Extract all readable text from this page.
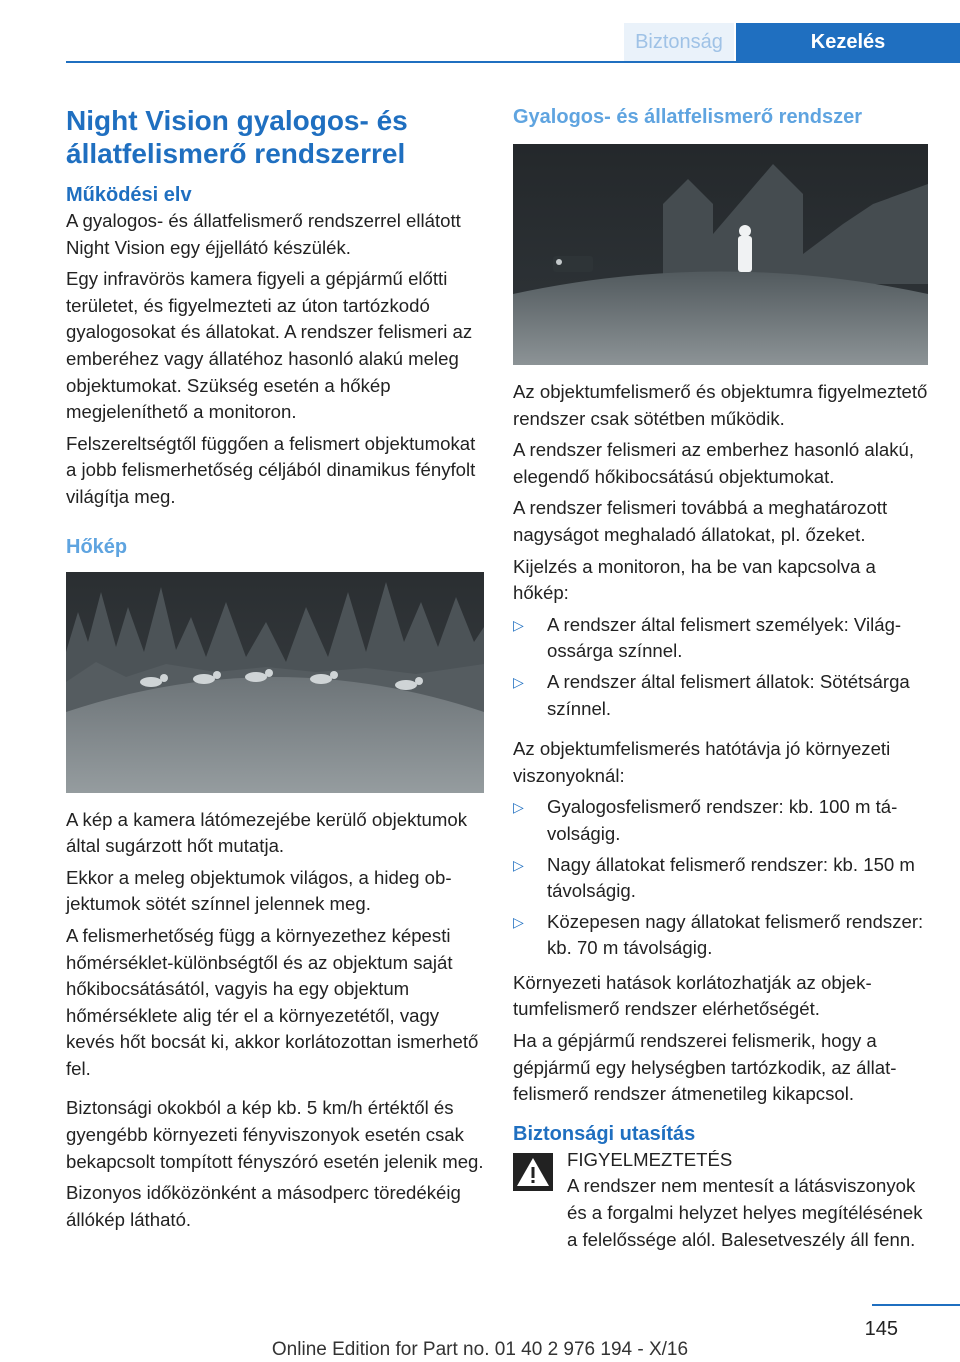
Biztonság	Kezelés
Night Vision gyalogos- és állatfelismerő rendszerrel
Működési elv

A gyalogos- és állatfelismerő rendszerrel ellátott Night Vision egy éjjellátó készülék.

Egy infravörös kamera figyeli a gépjármű előtti területet, és figyelmezteti az úton tartózkodó gyalogosokat és állatokat. A rendszer felismeri az emberéhez vagy állatéhoz hasonló alakú meleg objektumokat. Szükség esetén a hőkép megjeleníthető a monitoron.

Felszereltségtől függően a felismert objektumokat a jobb felismerhetőség céljából dinamikus fényfolt világítja meg.

Hőkép

A kép a kamera látómezejébe kerülő objektumok által sugárzott hőt mutatja.

Ekkor a meleg objektumok világos, a hideg objektumok sötét színnel jelennek meg.

A felismerhetőség függ a környezethez képesti hőmérséklet-különbségtől és az objektum saját hőkibocsátásától, vagyis ha egy objektum hőmérséklete alig tér el a környezetétől, vagy kevés hőt bocsát ki, akkor korlátozottan ismerhető fel.

Biztonsági okokból a kép kb. 5 km/h értéktől és gyengébb környezeti fényviszonyok esetén csak bekapcsolt tompított fényszóró esetén jelenik meg.

Bizonyos időközönként a másodperc töredékéig állókép látható.

Gyalogos- és állatfelismerő rendszer

Az objektumfelismerő és objektumra figyelmeztető rendszer csak sötétben működik.

A rendszer felismeri az emberhez hasonló alakú, elegendő hőkibocsátású objektumokat.

A rendszer felismeri továbbá a meghatározott nagyságot meghaladó állatokat, pl. őzeket.

Kijelzés a monitoron, ha be van kapcsolva a hőkép:

▷ A rendszer által felismert személyek: Világossárga színnel.
▷ A rendszer által felismert állatok: Sötétsárga színnel.

Az objektumfelismerés hatótávja jó környezeti viszonyoknál:

▷ Gyalogosfelismerő rendszer: kb. 100 m távolságig.
▷ Nagy állatokat felismerő rendszer: kb. 150 m távolságig.
▷ Közepesen nagy állatokat felismerő rendszer: kb. 70 m távolságig.

Környezeti hatások korlátozhatják az objektumfelismerő rendszer elérhetőségét.

Ha a gépjármű rendszerei felismerik, hogy a gépjármű egy helységben tartózkodik, az állatfelismerő rendszer átmenetileg kikapcsol.

Biztonsági utasítás
FIGYELMEZTETÉS
A rendszer nem mentesít a látásviszonyok és a forgalmi helyzet helyes megítélésének a felelőssége alól. Balesetveszély áll fenn.
145
Online Edition for Part no. 01 40 2 976 194 - X/16
